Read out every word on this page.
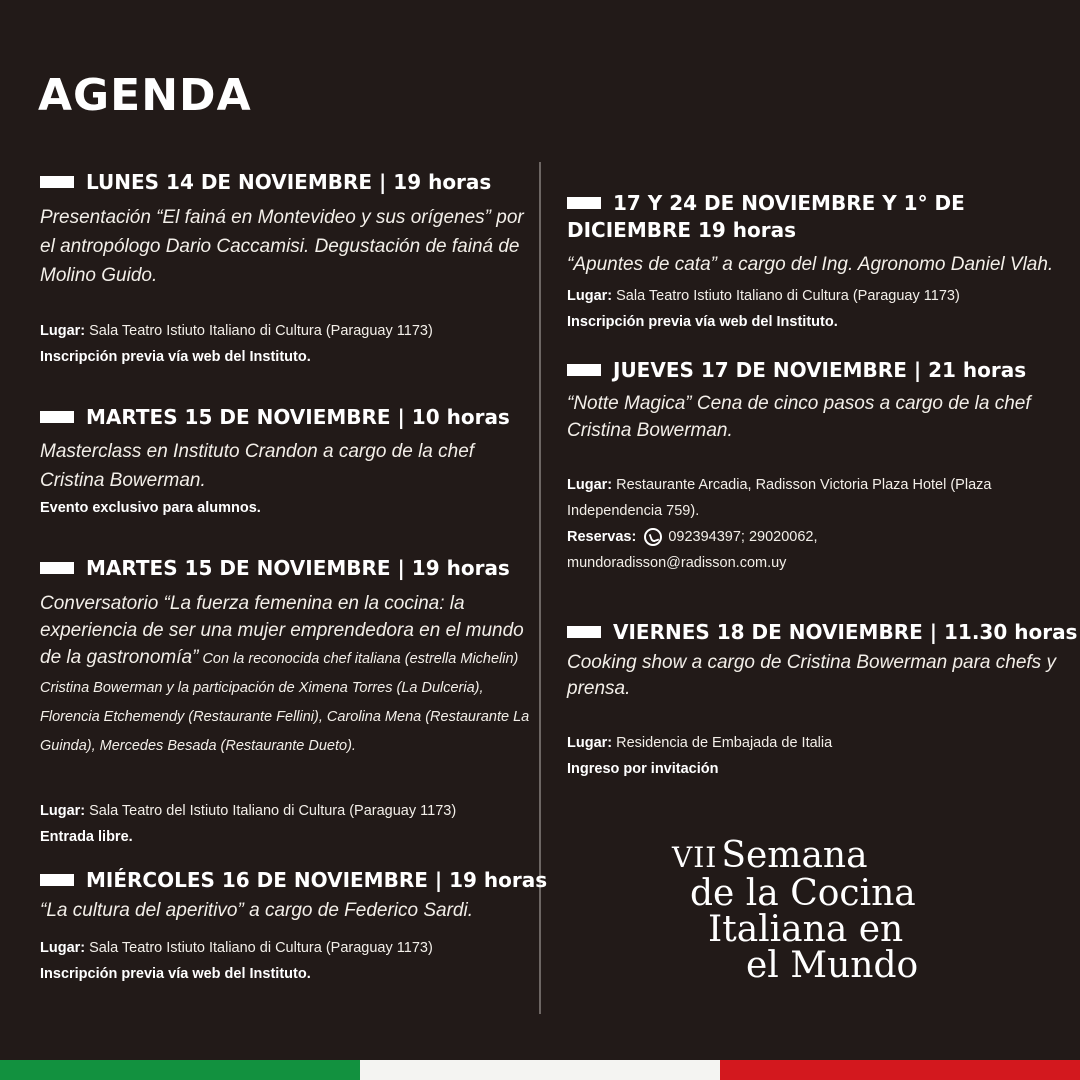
AGENDA
LUNES 14 DE NOVIEMBRE | 19 horas
Presentación “El fainá en Montevideo y sus orígenes” por el antropólogo Dario Caccamisi. Degustación de fainá de Molino Guido.
Lugar: Sala Teatro Istiuto Italiano di Cultura (Paraguay 1173)
Inscripción previa vía web del Instituto.
MARTES 15 DE NOVIEMBRE | 10 horas
Masterclass en Instituto Crandon a cargo de la chef Cristina Bowerman.
Evento exclusivo para alumnos.
MARTES 15 DE NOVIEMBRE | 19 horas
Conversatorio “La fuerza femenina en la cocina: la experiencia de ser una mujer emprendedora en el mundo de la gastronomía” Con la reconocida chef italiana (estrella Michelin) Cristina Bowerman y la participación de Ximena Torres (La Dulceria), Florencia Etchemendy (Restaurante Fellini), Carolina Mena (Restaurante La Guinda), Mercedes Besada (Restaurante Dueto).
Lugar: Sala Teatro del Istiuto Italiano di Cultura (Paraguay 1173)
Entrada libre.
MIÉRCOLES 16 DE NOVIEMBRE | 19 horas
“La cultura del aperitivo” a cargo de Federico Sardi.
Lugar: Sala Teatro Istiuto Italiano di Cultura (Paraguay 1173)
Inscripción previa vía web del Instituto.
17 Y 24 DE NOVIEMBRE Y 1° DE DICIEMBRE 19 horas
“Apuntes de cata” a cargo del Ing. Agronomo Daniel Vlah.
Lugar: Sala Teatro Istiuto Italiano di Cultura (Paraguay 1173)
Inscripción previa vía web del Instituto.
JUEVES 17 DE NOVIEMBRE | 21 horas
“Notte Magica” Cena de cinco pasos a cargo de la chef Cristina Bowerman.
Lugar: Restaurante Arcadia, Radisson Victoria Plaza Hotel (Plaza Independencia 759).
Reservas: 092394397; 29020062,
mundoradisson@radisson.com.uy
VIERNES 18 DE NOVIEMBRE | 11.30 horas
Cooking show a cargo de Cristina Bowerman para chefs y prensa.
Lugar: Residencia de Embajada de Italia
Ingreso por invitación
VII Semana
de la Cocina
Italiana en
el Mundo
